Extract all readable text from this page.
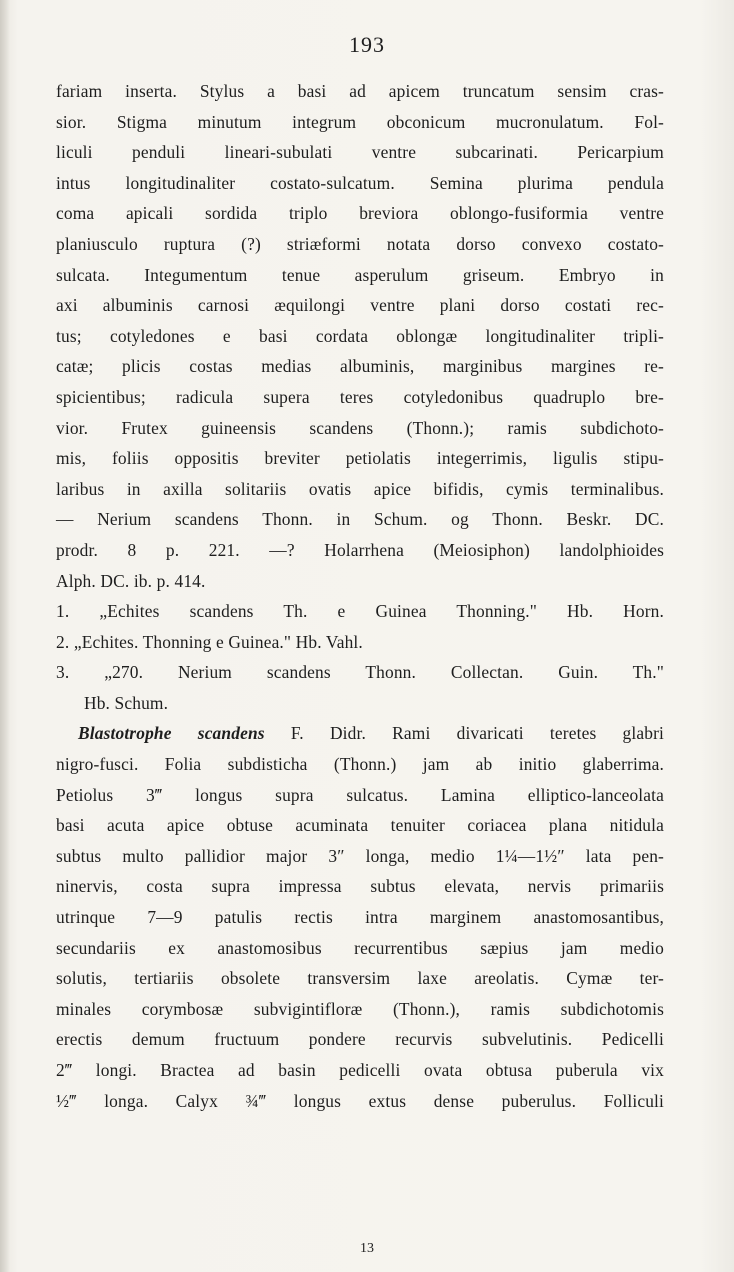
193
fariam inserta. Stylus a basi ad apicem truncatum sensim cras-
sior. Stigma minutum integrum obconicum mucronulatum. Fol-
liculi penduli lineari-subulati ventre subcarinati. Pericarpium
intus longitudinaliter costato-sulcatum. Semina plurima pendula
coma apicali sordida triplo breviora oblongo-fusiformia ventre
planiusculo ruptura (?) striæformi notata dorso convexo costato-
sulcata. Integumentum tenue asperulum griseum. Embryo in
axi albuminis carnosi æquilongi ventre plani dorso costati rec-
tus; cotyledones e basi cordata oblongæ longitudinaliter tripli-
catæ; plicis costas medias albuminis, marginibus margines re-
spicientibus; radicula supera teres cotyledonibus quadruplo bre-
vior. Frutex guineensis scandens (Thonn.); ramis subdichoto-
mis, foliis oppositis breviter petiolatis integerrimis, ligulis stipu-
laribus in axilla solitariis ovatis apice bifidis, cymis terminalibus.
— Nerium scandens Thonn. in Schum. og Thonn. Beskr. DC.
prodr. 8 p. 221. —? Holarrhena (Meiosiphon) landolphioides
Alph. DC. ib. p. 414.
1. „Echites scandens Th. e Guinea Thonning." Hb. Horn.
2. „Echites. Thonning e Guinea." Hb. Vahl.
3. „270. Nerium scandens Thonn. Collectan. Guin. Th."
Hb. Schum.
Blastotrophe scandens F. Didr. Rami divaricati teretes glabri
nigro-fusci. Folia subdisticha (Thonn.) jam ab initio glaberrima.
Petiolus 3‴ longus supra sulcatus. Lamina elliptico-lanceolata
basi acuta apice obtuse acuminata tenuiter coriacea plana nitidula
subtus multo pallidior major 3″ longa, medio 1¼—1½″ lata pen-
ninervis, costa supra impressa subtus elevata, nervis primariis
utrinque 7—9 patulis rectis intra marginem anastomosantibus,
secundariis ex anastomosibus recurrentibus sæpius jam medio
solutis, tertiariis obsolete transversim laxe areolatis. Cymæ ter-
minales corymbosæ subvigintifloræ (Thonn.), ramis subdichotomis
erectis demum fructuum pondere recurvis subvelutinis. Pedicelli
2‴ longi. Bractea ad basin pedicelli ovata obtusa puberula vix
½‴ longa. Calyx ¾‴ longus extus dense puberulus. Folliculi
13
